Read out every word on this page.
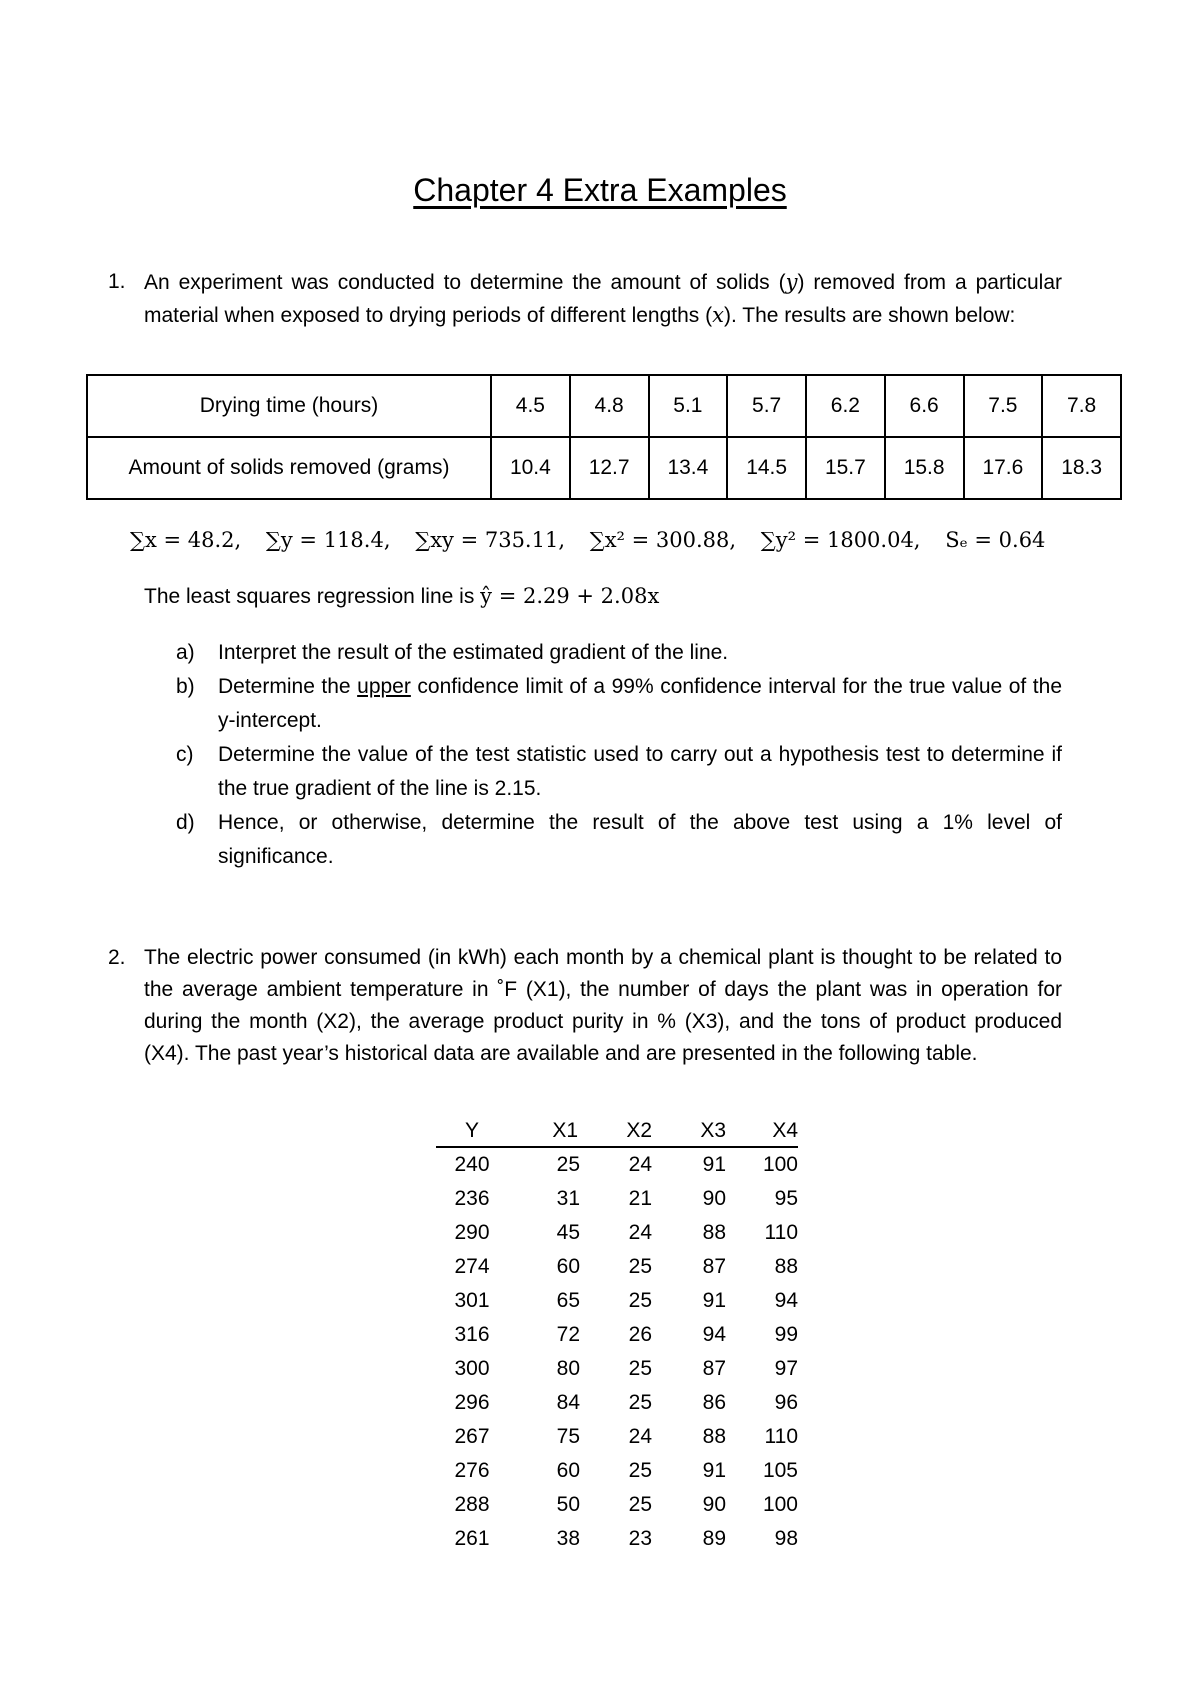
Chapter 4 Extra Examples
1. An experiment was conducted to determine the amount of solids (y) removed from a particular material when exposed to drying periods of different lengths (x). The results are shown below:
Drying time (hours)	4.5	4.8	5.1	5.7	6.2	6.6	7.5	7.8
Amount of solids removed (grams)	10.4	12.7	13.4	14.5	15.7	15.8	17.6	18.3
∑x = 48.2, ∑y = 118.4, ∑xy = 735.11, ∑x² = 300.88, ∑y² = 1800.04, Sₑ = 0.64
The least squares regression line is ŷ = 2.29 + 2.08x
a) Interpret the result of the estimated gradient of the line.
b) Determine the upper confidence limit of a 99% confidence interval for the true value of the y-intercept.
c) Determine the value of the test statistic used to carry out a hypothesis test to determine if the true gradient of the line is 2.15.
d) Hence, or otherwise, determine the result of the above test using a 1% level of significance.
2. The electric power consumed (in kWh) each month by a chemical plant is thought to be related to the average ambient temperature in ˚F (X1), the number of days the plant was in operation for during the month (X2), the average product purity in % (X3), and the tons of product produced (X4). The past year’s historical data are available and are presented in the following table.
Y	X1	X2	X3	X4
240	25	24	91	100
236	31	21	90	95
290	45	24	88	110
274	60	25	87	88
301	65	25	91	94
316	72	26	94	99
300	80	25	87	97
296	84	25	86	96
267	75	24	88	110
276	60	25	91	105
288	50	25	90	100
261	38	23	89	98
